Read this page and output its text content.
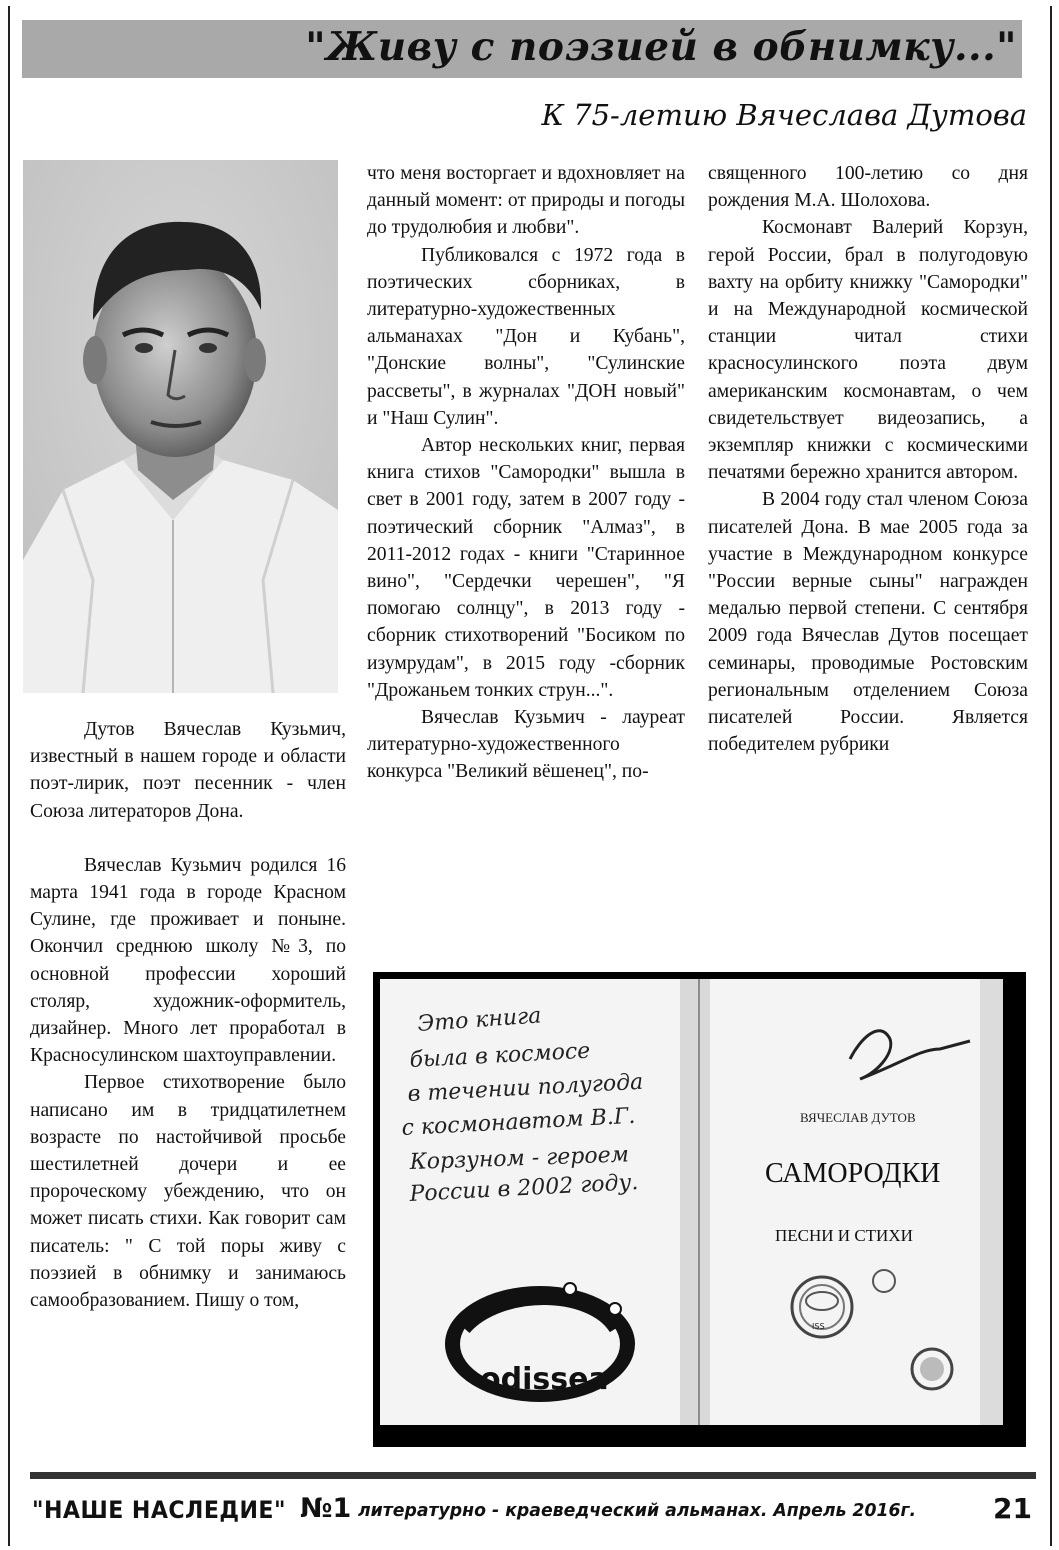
"Живу с поэзией в обнимку..."
К 75-летию Вячеслава Дутова

Дутов Вячеслав Кузьмич, известный в нашем городе и области поэт-лирик, поэт песенник - член Союза литераторов Дона.

Вячеслав Кузьмич родился 16 марта 1941 года в городе Красном Сулине, где проживает и поныне. Окончил среднюю школу №3, по основной профессии хороший столяр, художник-оформитель, дизайнер. Много лет проработал в Красносулинском шахтоуправлении.

Первое стихотворение было написано им в тридцатилетнем возрасте по настойчивой просьбе шестилетней дочери и ее пророческому убеждению, что он может писать стихи. Как говорит сам писатель: " С той поры живу с поэзией в обнимку и занимаюсь самообразованием. Пишу о том,

что меня восторгает и вдохновляет на данный момент: от природы и погоды до трудолюбия и любви".

Публиковался с 1972 года в поэтических сборниках, в литературно-художественных альманахах "Дон и Кубань", "Донские волны", "Сулинские рассветы", в журналах "ДОН новый" и "Наш Сулин".

Автор нескольких книг, первая книга стихов "Самородки" вышла в свет в 2001 году, затем в 2007 году - поэтический сборник "Алмаз", в 2011-2012 годах - книги "Старинное вино", "Сердечки черешен", "Я помогаю солнцу", в 2013 году - сборник стихотворений "Босиком по изумрудам", в 2015 году -сборник "Дрожаньем тонких струн...".

Вячеслав Кузьмич - лауреат литературно-художественного конкурса "Великий вёшенец", по-

священного 100-летию со дня рождения М.А. Шолохова.

Космонавт Валерий Корзун, герой России, брал в полугодовую вахту на орбиту книжку "Самородки" и на Международной космической станции читал стихи красносулинского поэта двум американским космонавтам, о чем свидетельствует видеозапись, а экземпляр книжки с космическими печатями бережно хранится автором.

В 2004 году стал членом Союза писателей Дона. В мае 2005 года за участие в Международном конкурсе "России верные сыны" награжден медалью первой степени. С сентября 2009 года Вячеслав Дутов посещает семинары, проводимые Ростовским региональным отделением Союза писателей России. Является победителем рубрики

Это книга
была в космосе
в течении полугода
с космонавтом В.Г.
Корзуном - героем
России в 2002 году.
ВЯЧЕСЛАВ ДУТОВ
САМОРОДКИ
ПЕСНИ И СТИХИ
ISS
odissea
"НАШЕ НАСЛЕДИЕ" №1 литературно - краеведческий альманах. Апрель 2016г.	21
